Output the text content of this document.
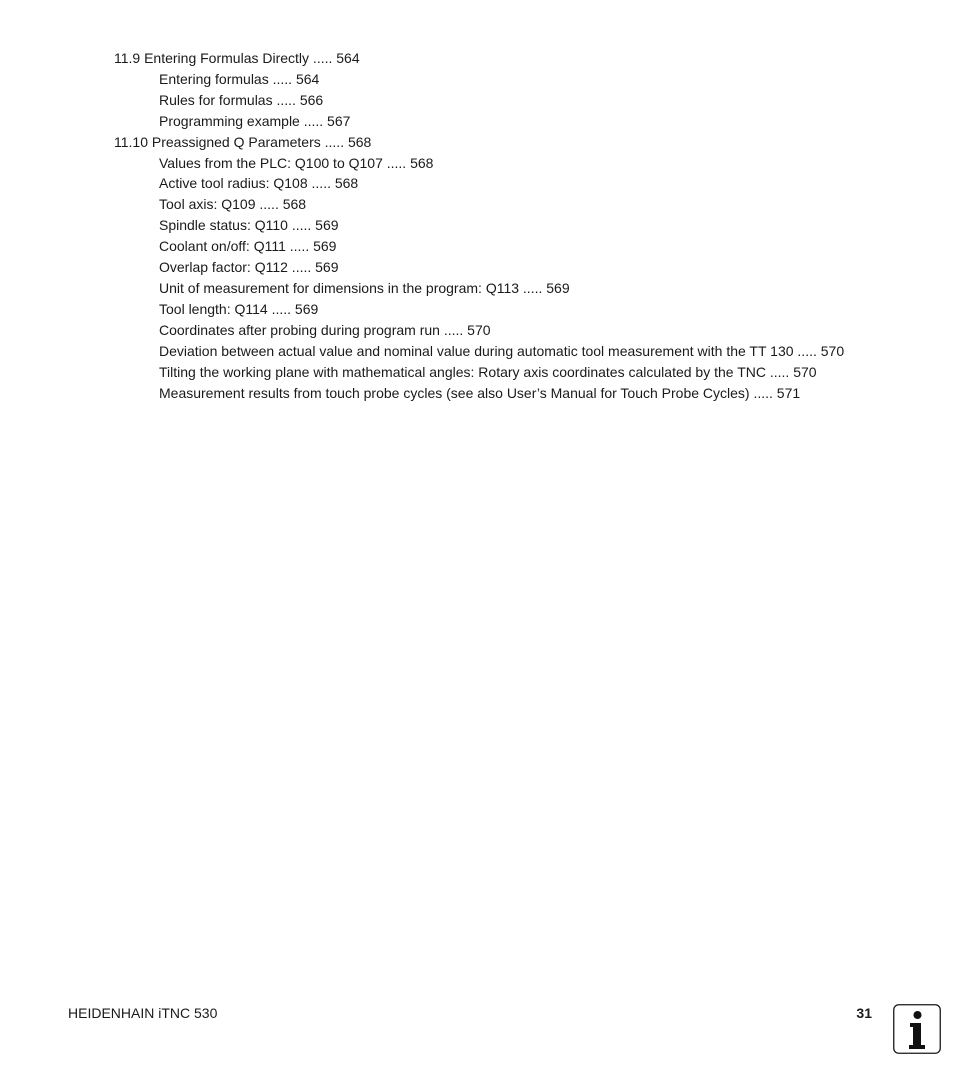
11.9 Entering Formulas Directly ..... 564
Entering formulas ..... 564
Rules for formulas ..... 566
Programming example ..... 567
11.10 Preassigned Q Parameters ..... 568
Values from the PLC: Q100 to Q107 ..... 568
Active tool radius: Q108 ..... 568
Tool axis: Q109 ..... 568
Spindle status: Q110 ..... 569
Coolant on/off: Q111 ..... 569
Overlap factor: Q112 ..... 569
Unit of measurement for dimensions in the program: Q113 ..... 569
Tool length: Q114 ..... 569
Coordinates after probing during program run ..... 570
Deviation between actual value and nominal value during automatic tool measurement with the TT 130 ..... 570
Tilting the working plane with mathematical angles: Rotary axis coordinates calculated by the TNC ..... 570
Measurement results from touch probe cycles (see also User’s Manual for Touch Probe Cycles) ..... 571
HEIDENHAIN iTNC 530	31
